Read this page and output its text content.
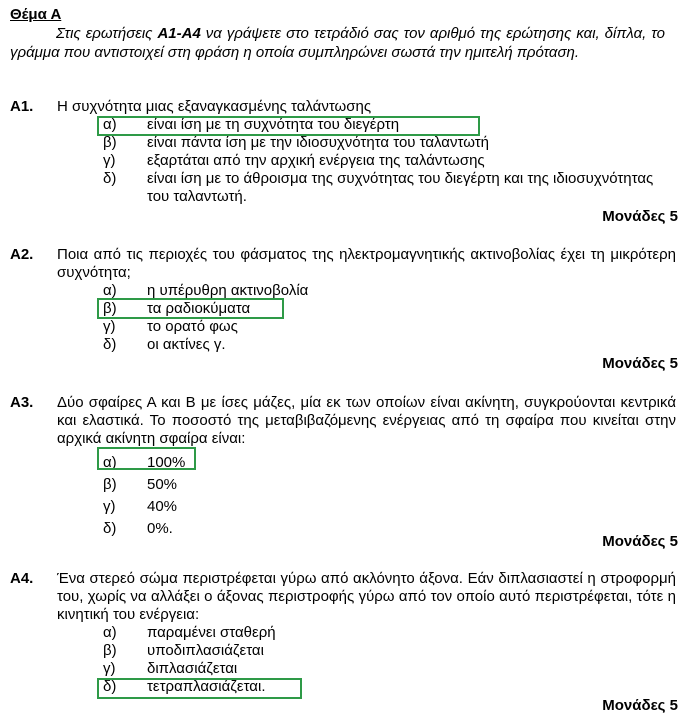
Θέμα Α
Στις ερωτήσεις Α1-Α4 να γράψετε στο τετράδιό σας τον αριθμό της ερώτησης και, δίπλα, το γράμμα που αντιστοιχεί στη φράση η οποία συμπληρώνει σωστά την ημιτελή πρόταση.
Α1. Η συχνότητα μιας εξαναγκασμένης ταλάντωσης
α)	είναι ίση με τη συχνότητα του διεγέρτη
β)	είναι πάντα ίση με την ιδιοσυχνότητα του ταλαντωτή
γ)	εξαρτάται από την αρχική ενέργεια της ταλάντωσης
δ)	είναι ίση με το άθροισμα της συχνότητας του διεγέρτη και της ιδιοσυχνότητας του ταλαντωτή.
Μονάδες 5
Α2. Ποια από τις περιοχές του φάσματος της ηλεκτρομαγνητικής ακτινοβολίας έχει τη μικρότερη συχνότητα;
α)	η υπέρυθρη ακτινοβολία
β)	τα ραδιοκύματα
γ)	το ορατό φως
δ)	οι ακτίνες γ.
Μονάδες 5
Α3. Δύο σφαίρες Α και Β με ίσες μάζες, μία εκ των οποίων είναι ακίνητη, συγκρούονται κεντρικά και ελαστικά. Το ποσοστό της μεταβιβαζόμενης ενέργειας από τη σφαίρα που κινείται στην αρχικά ακίνητη σφαίρα είναι:
α)	100%
β)	50%
γ)	40%
δ)	0%.
Μονάδες 5
Α4. Ένα στερεό σώμα περιστρέφεται γύρω από ακλόνητο άξονα. Εάν διπλασιαστεί η στροφορμή του, χωρίς να αλλάξει ο άξονας περιστροφής γύρω από τον οποίο αυτό περιστρέφεται, τότε η κινητική του ενέργεια:
α)	παραμένει σταθερή
β)	υποδιπλασιάζεται
γ)	διπλασιάζεται
δ)	τετραπλασιάζεται.
Μονάδες 5
